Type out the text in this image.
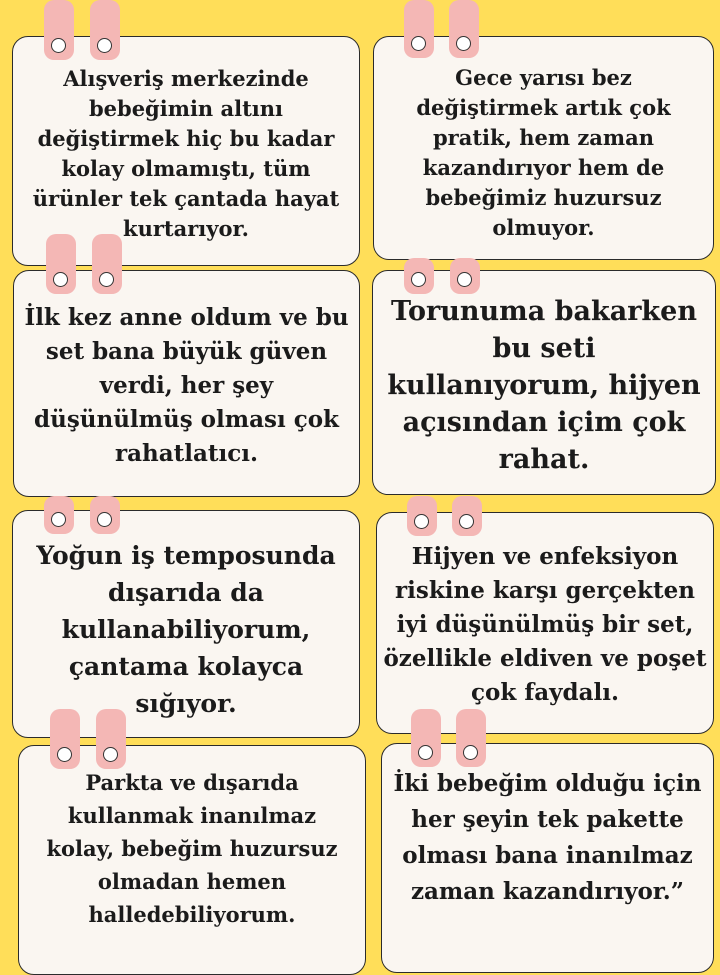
Alışveriş merkezinde bebeğimin altını değiştirmek hiç bu kadar kolay olmamıştı, tüm ürünler tek çantada hayat kurtarıyor.

Gece yarısı bez değiştirmek artık çok pratik, hem zaman kazandırıyor hem de bebeğimiz huzursuz olmuyor.

İlk kez anne oldum ve bu set bana büyük güven verdi, her şey düşünülmüş olması çok rahatlatıcı.

Torunuma bakarken bu seti kullanıyorum, hijyen açısından içim çok rahat.

Yoğun iş temposunda dışarıda da kullanabiliyorum, çantama kolayca sığıyor.

Hijyen ve enfeksiyon riskine karşı gerçekten iyi düşünülmüş bir set, özellikle eldiven ve poşet çok faydalı.

Parkta ve dışarıda kullanmak inanılmaz kolay, bebeğim huzursuz olmadan hemen halledebiliyorum.

İki bebeğim olduğu için her şeyin tek pakette olması bana inanılmaz zaman kazandırıyor.”
